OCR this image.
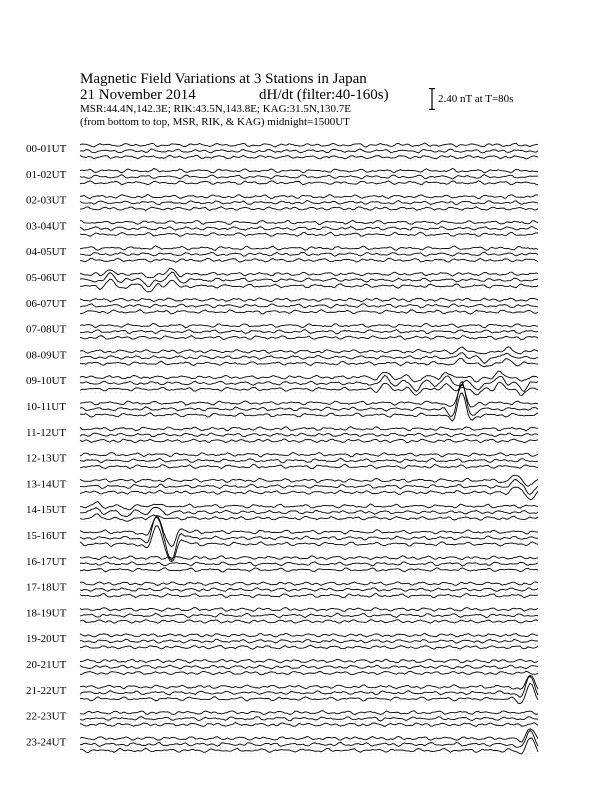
Magnetic Field Variations at 3 Stations in Japan
21 November 2014	dH/dt (filter:40-160s)
MSR:44.4N,142.3E; RIK:43.5N,143.8E; KAG:31.5N,130.7E
(from bottom to top, MSR, RIK, & KAG) midnight=1500UT
2.40 nT at T=80s
00-01UT
01-02UT
02-03UT
03-04UT
04-05UT
05-06UT
06-07UT
07-08UT
08-09UT
09-10UT
10-11UT
11-12UT
12-13UT
13-14UT
14-15UT
15-16UT
16-17UT
17-18UT
18-19UT
19-20UT
20-21UT
21-22UT
22-23UT
23-24UT
